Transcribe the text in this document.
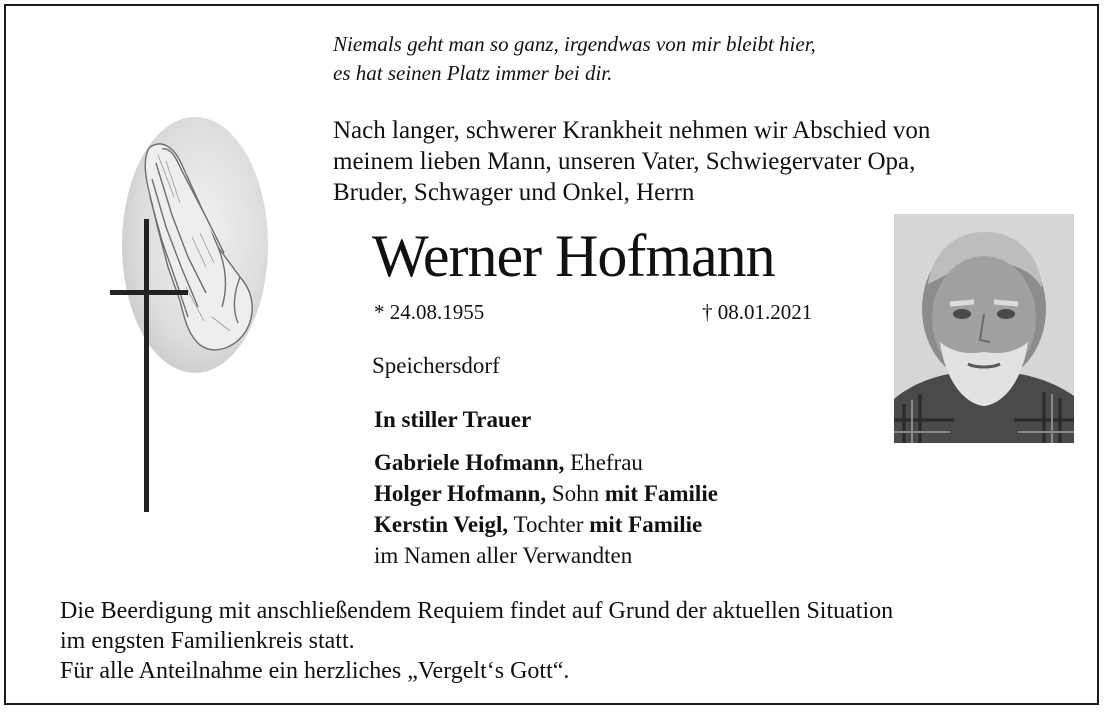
Niemals geht man so ganz, irgendwas von mir bleibt hier,
es hat seinen Platz immer bei dir.
Nach langer, schwerer Krankheit nehmen wir Abschied von
meinem lieben Mann, unseren Vater, Schwiegervater Opa,
Bruder, Schwager und Onkel, Herrn
Werner Hofmann
* 24.08.1955	† 08.01.2021
Speichersdorf
In stiller Trauer
Gabriele Hofmann, Ehefrau
Holger Hofmann, Sohn mit Familie
Kerstin Veigl, Tochter mit Familie
im Namen aller Verwandten
Die Beerdigung mit anschließendem Requiem findet auf Grund der aktuellen Situation
im engsten Familienkreis statt.
Für alle Anteilnahme ein herzliches „Vergelt‘s Gott“.
